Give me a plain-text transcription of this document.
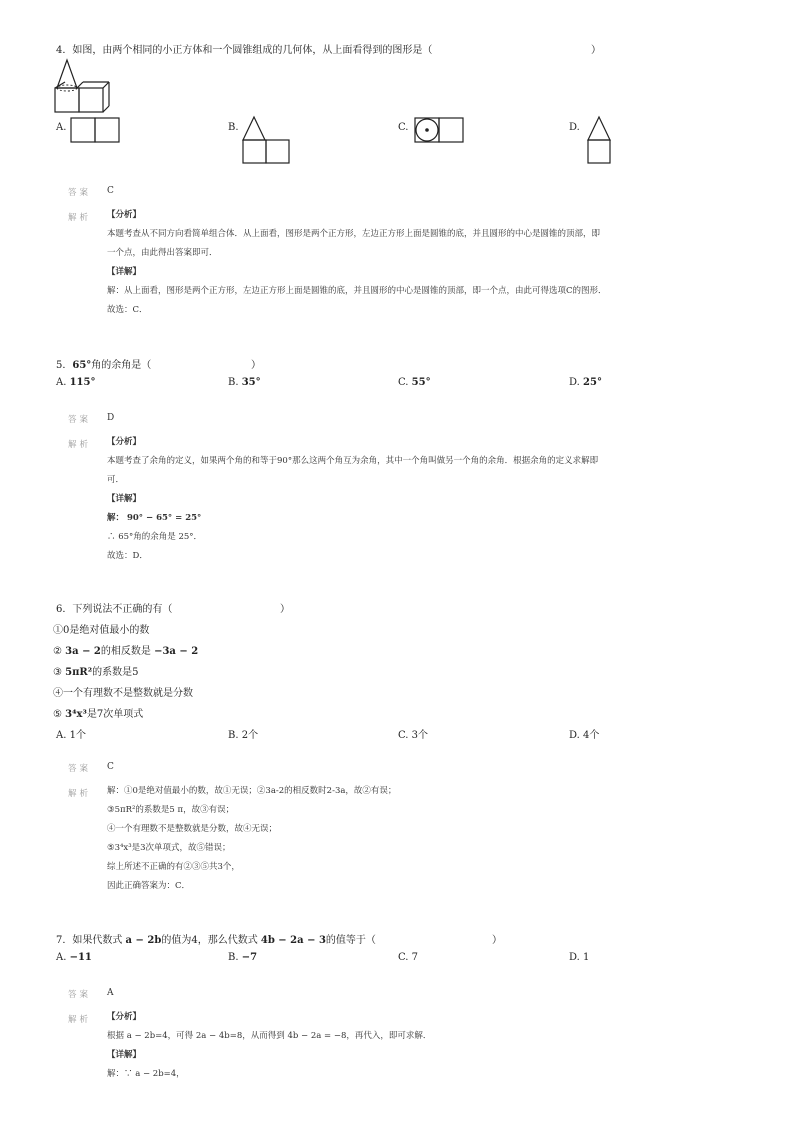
4．如图，由两个相同的小正方体和一个圆锥组成的几何体，从上面看得到的图形是（	）
A.	B.	C.	D.
答案 C
解析 【分析】
本题考查从不同方向看简单组合体．从上面看，图形是两个正方形，左边正方形上面是圆锥的底，并且圆形的中心是圆锥的顶部，即
一个点，由此得出答案即可．
【详解】
解：从上面看，图形是两个正方形，左边正方形上面是圆锥的底，并且圆形的中心是圆锥的顶部，即一个点，由此可得选项C的图形．
故选：C．
5．65°角的余角是（	）
A. 115°	B. 35°	C. 55°	D. 25°
答案 D
解析 【分析】
本题考查了余角的定义，如果两个角的和等于90°那么这两个角互为余角，其中一个角叫做另一个角的余角．根据余角的定义求解即
可．
【详解】
解： 90° − 65° = 25°
∴ 65°角的余角是 25°．
故选：D．
6．下列说法不正确的有（	）
①0是绝对值最小的数
② 3a − 2的相反数是 −3a − 2
③ 5πR²的系数是5
④一个有理数不是整数就是分数
⑤ 3⁴x³是7次单项式
A. 1个	B. 2个	C. 3个	D. 4个
答案 C
解析 解：①0是绝对值最小的数，故①无误；②3a-2的相反数时2-3a，故②有误；
③5πR²的系数是5 π，故③有误；
④一个有理数不是整数就是分数，故④无误；
⑤3⁴x³是3次单项式，故⑤错误；
综上所述不正确的有②③⑤共3个，
因此正确答案为：C．
7．如果代数式 a − 2b的值为4，那么代数式 4b − 2a − 3的值等于（	）
A. −11	B. −7	C. 7	D. 1
答案 A
解析 【分析】
根据 a − 2b=4，可得 2a − 4b=8，从而得到 4b − 2a = −8，再代入，即可求解．
【详解】
解：∵ a − 2b=4，
